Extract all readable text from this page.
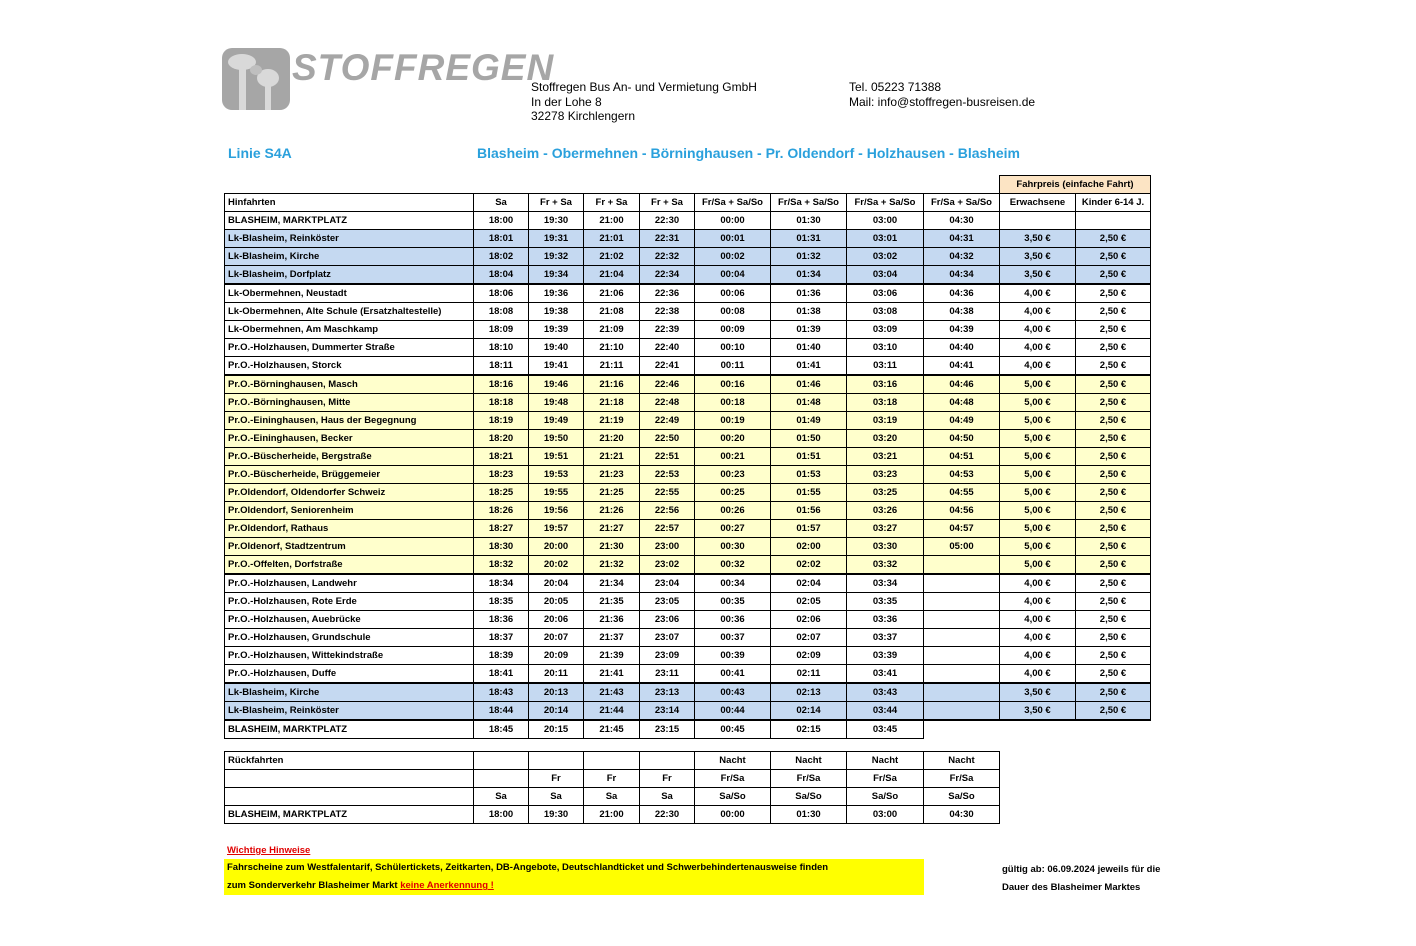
STOFFREGEN
Stoffregen Bus An- und Vermietung GmbH
In der Lohe 8
32278 Kirchlengern
Tel. 05223 71388
Mail: info@stoffregen-busreisen.de
Linie S4A	Blasheim - Obermehnen - Börninghausen - Pr. Oldendorf - Holzhausen - Blasheim
Fahrpreis (einfache Fahrt)
Hinfahrten	Sa	Fr + Sa	Fr + Sa	Fr + Sa	Fr/Sa + Sa/So	Fr/Sa + Sa/So	Fr/Sa + Sa/So	Fr/Sa + Sa/So	Erwachsene	Kinder 6-14 J.
BLASHEIM, MARKTPLATZ	18:00	19:30	21:00	22:30	00:00	01:30	03:00	04:30		
Lk-Blasheim, Reinköster	18:01	19:31	21:01	22:31	00:01	01:31	03:01	04:31	3,50 €	2,50 €
Lk-Blasheim, Kirche	18:02	19:32	21:02	22:32	00:02	01:32	03:02	04:32	3,50 €	2,50 €
Lk-Blasheim, Dorfplatz	18:04	19:34	21:04	22:34	00:04	01:34	03:04	04:34	3,50 €	2,50 €
Lk-Obermehnen, Neustadt	18:06	19:36	21:06	22:36	00:06	01:36	03:06	04:36	4,00 €	2,50 €
Lk-Obermehnen, Alte Schule (Ersatzhaltestelle)	18:08	19:38	21:08	22:38	00:08	01:38	03:08	04:38	4,00 €	2,50 €
Lk-Obermehnen, Am Maschkamp	18:09	19:39	21:09	22:39	00:09	01:39	03:09	04:39	4,00 €	2,50 €
Pr.O.-Holzhausen, Dummerter Straße	18:10	19:40	21:10	22:40	00:10	01:40	03:10	04:40	4,00 €	2,50 €
Pr.O.-Holzhausen, Storck	18:11	19:41	21:11	22:41	00:11	01:41	03:11	04:41	4,00 €	2,50 €
Pr.O.-Börninghausen, Masch	18:16	19:46	21:16	22:46	00:16	01:46	03:16	04:46	5,00 €	2,50 €
Pr.O.-Börninghausen, Mitte	18:18	19:48	21:18	22:48	00:18	01:48	03:18	04:48	5,00 €	2,50 €
Pr.O.-Eininghausen, Haus der Begegnung	18:19	19:49	21:19	22:49	00:19	01:49	03:19	04:49	5,00 €	2,50 €
Pr.O.-Eininghausen, Becker	18:20	19:50	21:20	22:50	00:20	01:50	03:20	04:50	5,00 €	2,50 €
Pr.O.-Büscherheide, Bergstraße	18:21	19:51	21:21	22:51	00:21	01:51	03:21	04:51	5,00 €	2,50 €
Pr.O.-Büscherheide, Brüggemeier	18:23	19:53	21:23	22:53	00:23	01:53	03:23	04:53	5,00 €	2,50 €
Pr.Oldendorf, Oldendorfer Schweiz	18:25	19:55	21:25	22:55	00:25	01:55	03:25	04:55	5,00 €	2,50 €
Pr.Oldendorf, Seniorenheim	18:26	19:56	21:26	22:56	00:26	01:56	03:26	04:56	5,00 €	2,50 €
Pr.Oldendorf, Rathaus	18:27	19:57	21:27	22:57	00:27	01:57	03:27	04:57	5,00 €	2,50 €
Pr.Oldenorf, Stadtzentrum	18:30	20:00	21:30	23:00	00:30	02:00	03:30	05:00	5,00 €	2,50 €
Pr.O.-Offelten, Dorfstraße	18:32	20:02	21:32	23:02	00:32	02:02	03:32		5,00 €	2,50 €
Pr.O.-Holzhausen, Landwehr	18:34	20:04	21:34	23:04	00:34	02:04	03:34		4,00 €	2,50 €
Pr.O.-Holzhausen, Rote Erde	18:35	20:05	21:35	23:05	00:35	02:05	03:35		4,00 €	2,50 €
Pr.O.-Holzhausen, Auebrücke	18:36	20:06	21:36	23:06	00:36	02:06	03:36		4,00 €	2,50 €
Pr.O.-Holzhausen, Grundschule	18:37	20:07	21:37	23:07	00:37	02:07	03:37		4,00 €	2,50 €
Pr.O.-Holzhausen, Wittekindstraße	18:39	20:09	21:39	23:09	00:39	02:09	03:39		4,00 €	2,50 €
Pr.O.-Holzhausen, Duffe	18:41	20:11	21:41	23:11	00:41	02:11	03:41		4,00 €	2,50 €
Lk-Blasheim, Kirche	18:43	20:13	21:43	23:13	00:43	02:13	03:43		3,50 €	2,50 €
Lk-Blasheim, Reinköster	18:44	20:14	21:44	23:14	00:44	02:14	03:44		3,50 €	2,50 €
BLASHEIM, MARKTPLATZ	18:45	20:15	21:45	23:15	00:45	02:15	03:45			
Rückfahrten					Nacht	Nacht	Nacht	Nacht
		Fr	Fr	Fr	Fr/Sa	Fr/Sa	Fr/Sa	Fr/Sa
	Sa	Sa	Sa	Sa	Sa/So	Sa/So	Sa/So	Sa/So
BLASHEIM, MARKTPLATZ	18:00	19:30	21:00	22:30	00:00	01:30	03:00	04:30
Wichtige Hinweise
Fahrscheine zum Westfalentarif, Schülertickets, Zeitkarten, DB-Angebote, Deutschlandticket und Schwerbehindertenausweise finden
zum Sonderverkehr Blasheimer Markt keine Anerkennung !
gültig ab: 06.09.2024 jeweils für die
Dauer des Blasheimer Marktes
